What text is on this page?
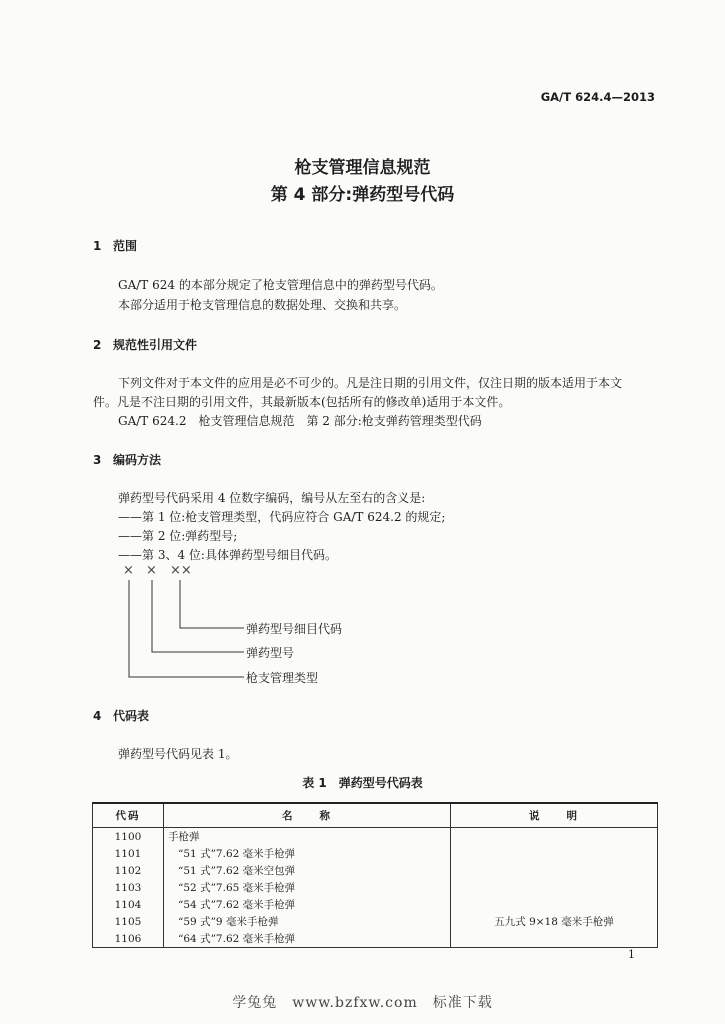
GA/T 624.4—2013
枪支管理信息规范
第 4 部分:弹药型号代码
1 范围
GA/T 624 的本部分规定了枪支管理信息中的弹药型号代码。
本部分适用于枪支管理信息的数据处理、交换和共享。
2 规范性引用文件
下列文件对于本文件的应用是必不可少的。凡是注日期的引用文件，仅注日期的版本适用于本文
件。凡是不注日期的引用文件，其最新版本(包括所有的修改单)适用于本文件。
GA/T 624.2　枪支管理信息规范　第 2 部分:枪支弹药管理类型代码
3 编码方法
弹药型号代码采用 4 位数字编码，编号从左至右的含义是:
——第 1 位:枪支管理类型，代码应符合 GA/T 624.2 的规定;
——第 2 位:弹药型号;
——第 3、4 位:具体弹药型号细目代码。
× × ××
弹药型号细目代码
弹药型号
枪支管理类型
4 代码表
弹药型号代码见表 1。
表 1　弹药型号代码表
代码	名　　称	说　　明
1100	手枪弹	
1101	“51 式”7.62 毫米手枪弹	
1102	“51 式”7.62 毫米空包弹	
1103	“52 式”7.65 毫米手枪弹	
1104	“54 式”7.62 毫米手枪弹	
1105	“59 式”9 毫米手枪弹	五九式 9×18 毫米手枪弹
1106	“64 式”7.62 毫米手枪弹	
1
学兔兔　www.bzfxw.com　标准下载
